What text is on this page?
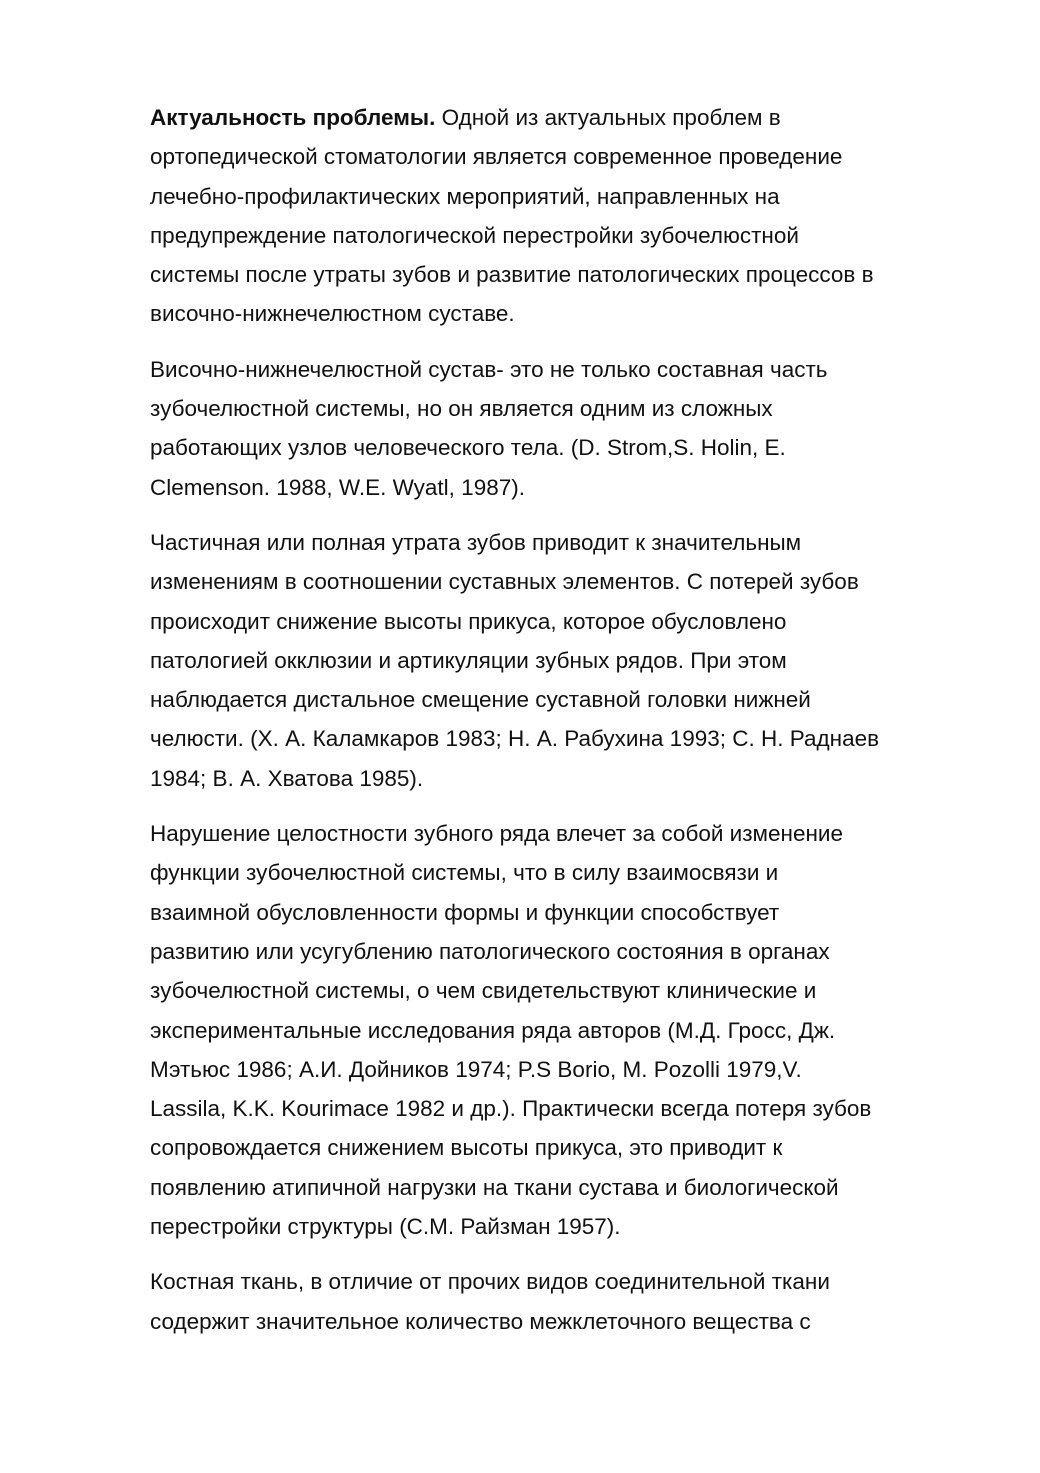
Актуальность проблемы. Одной из актуальных проблем в
ортопедической стоматологии является современное проведение
лечебно-профилактических мероприятий, направленных на
предупреждение патологической перестройки зубочелюстной
системы после утраты зубов и развитие патологических процессов в
височно-нижнечелюстном суставе.

Височно-нижнечелюстной сустав- это не только составная часть
зубочелюстной системы, но он является одним из сложных
работающих узлов человеческого тела. (D. Strom,S. Holin, E.
Clemenson. 1988, W.E. Wyatl, 1987).

Частичная или полная утрата зубов приводит к значительным
изменениям в соотношении суставных элементов. С потерей зубов
происходит снижение высоты прикуса, которое обусловлено
патологией окклюзии и артикуляции зубных рядов. При этом
наблюдается дистальное смещение суставной головки нижней
челюсти. (Х. А. Каламкаров 1983; Н. А. Рабухина 1993; С. Н. Раднаев
1984; В. А. Хватова 1985).

Нарушение целостности зубного ряда влечет за собой изменение
функции зубочелюстной системы, что в силу взаимосвязи и
взаимной обусловленности формы и функции способствует
развитию или усугублению патологического состояния в органах
зубочелюстной системы, о чем свидетельствуют клинические и
экспериментальные исследования ряда авторов (М.Д. Гросс, Дж.
Мэтьюс 1986; А.И. Дойников 1974; P.S Borio, M. Pozolli 1979,V.
Lassila, K.K. Kourimace 1982 и др.). Практически всегда потеря зубов
сопровождается снижением высоты прикуса, это приводит к
появлению атипичной нагрузки на ткани сустава и биологической
перестройки структуры (С.М. Райзман 1957).

Костная ткань, в отличие от прочих видов соединительной ткани
содержит значительное количество межклеточного вещества с
